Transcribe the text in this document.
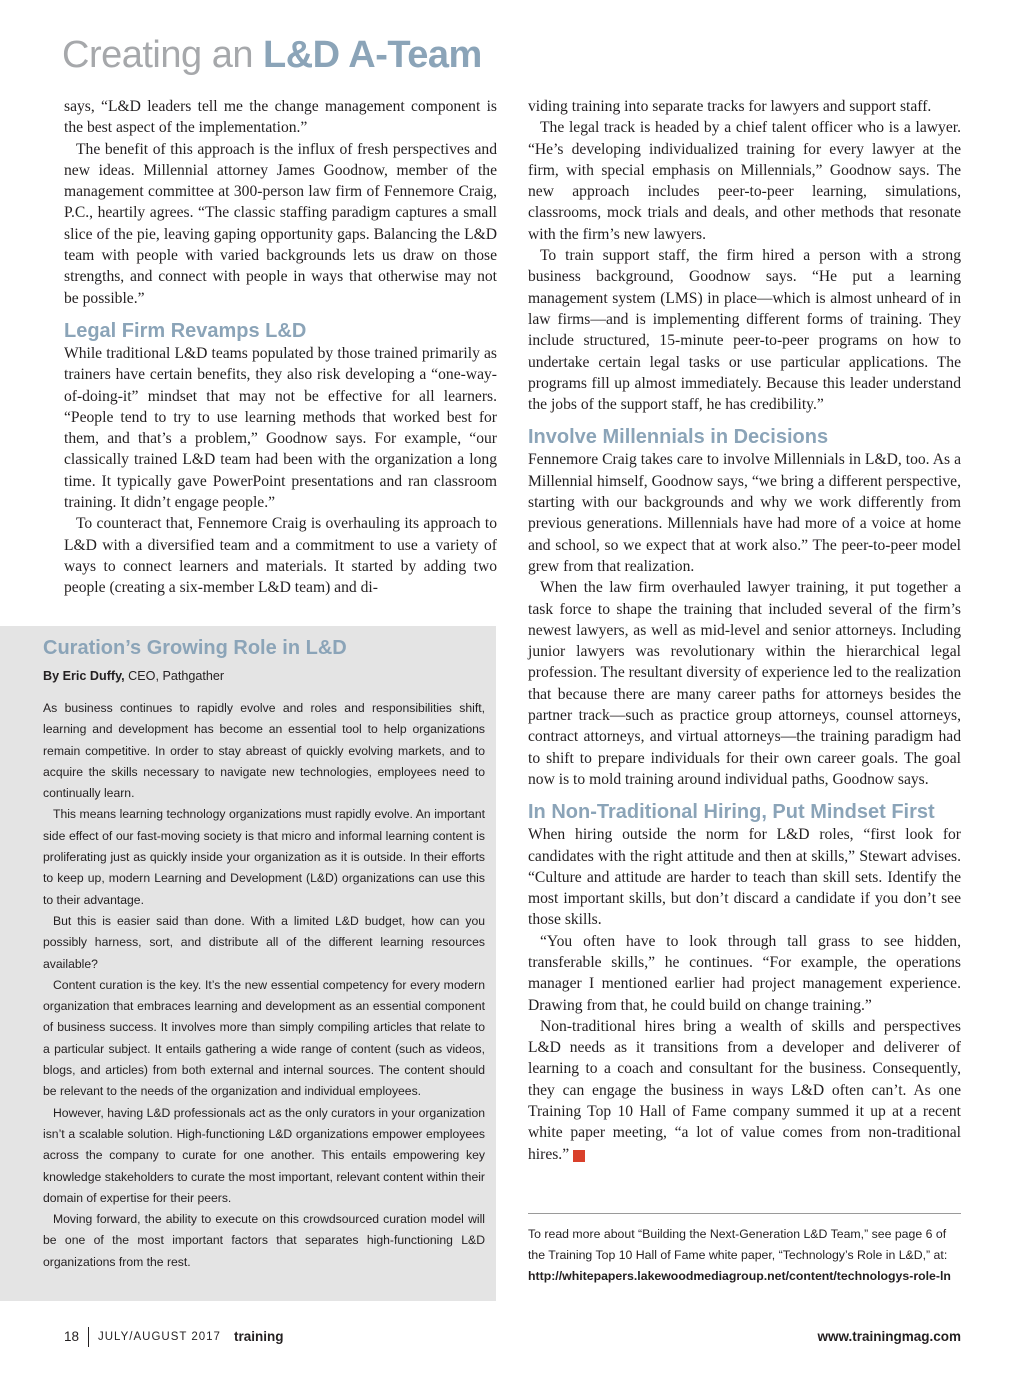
Creating an L&D A-Team

says, “L&D leaders tell me the change management component is the best aspect of the implementation.”

The benefit of this approach is the influx of fresh perspectives and new ideas. Millennial attorney James Goodnow, member of the management committee at 300-person law firm of Fennemore Craig, P.C., heartily agrees. “The classic staffing paradigm captures a small slice of the pie, leaving gaping opportunity gaps. Balancing the L&D team with people with varied backgrounds lets us draw on those strengths, and connect with people in ways that otherwise may not be possible.”

Legal Firm Revamps L&D

While traditional L&D teams populated by those trained primarily as trainers have certain benefits, they also risk developing a “one-way-of-doing-it” mindset that may not be effective for all learners. “People tend to try to use learning methods that worked best for them, and that’s a problem,” Goodnow says. For example, “our classically trained L&D team had been with the organization a long time. It typically gave PowerPoint presentations and ran classroom training. It didn’t engage people.”

To counteract that, Fennemore Craig is overhauling its approach to L&D with a diversified team and a commitment to use a variety of ways to connect learners and materials. It started by adding two people (creating a six-member L&D team) and di-

Curation’s Growing Role in L&D

By Eric Duffy, CEO, Pathgather

As business continues to rapidly evolve and roles and responsibilities shift, learning and development has become an essential tool to help organizations remain competitive. In order to stay abreast of quickly evolving markets, and to acquire the skills necessary to navigate new technologies, employees need to continually learn.

This means learning technology organizations must rapidly evolve. An important side effect of our fast-moving society is that micro and informal learning content is proliferating just as quickly inside your organization as it is outside. In their efforts to keep up, modern Learning and Development (L&D) organizations can use this to their advantage.

But this is easier said than done. With a limited L&D budget, how can you possibly harness, sort, and distribute all of the different learning resources available?

Content curation is the key. It’s the new essential competency for every modern organization that embraces learning and development as an essential component of business success. It involves more than simply compiling articles that relate to a particular subject. It entails gathering a wide range of content (such as videos, blogs, and articles) from both external and internal sources. The content should be relevant to the needs of the organization and individual employees.

However, having L&D professionals act as the only curators in your organization isn’t a scalable solution. High-functioning L&D organizations empower employees across the company to curate for one another. This entails empowering key knowledge stakeholders to curate the most important, relevant content within their domain of expertise for their peers.

Moving forward, the ability to execute on this crowdsourced curation model will be one of the most important factors that separates high-functioning L&D organizations from the rest.

viding training into separate tracks for lawyers and support staff.

The legal track is headed by a chief talent officer who is a lawyer. “He’s developing individualized training for every lawyer at the firm, with special emphasis on Millennials,” Goodnow says. The new approach includes peer-to-peer learning, simulations, classrooms, mock trials and deals, and other methods that resonate with the firm’s new lawyers.

To train support staff, the firm hired a person with a strong business background, Goodnow says. “He put a learning management system (LMS) in place—which is almost unheard of in law firms—and is implementing different forms of training. They include structured, 15-minute peer-to-peer programs on how to undertake certain legal tasks or use particular applications. The programs fill up almost immediately. Because this leader understand the jobs of the support staff, he has credibility.”

Involve Millennials in Decisions

Fennemore Craig takes care to involve Millennials in L&D, too. As a Millennial himself, Goodnow says, “we bring a different perspective, starting with our backgrounds and why we work differently from previous generations. Millennials have had more of a voice at home and school, so we expect that at work also.” The peer-to-peer model grew from that realization.

When the law firm overhauled lawyer training, it put together a task force to shape the training that included several of the firm’s newest lawyers, as well as mid-level and senior attorneys. Including junior lawyers was revolutionary within the hierarchical legal profession. The resultant diversity of experience led to the realization that because there are many career paths for attorneys besides the partner track—such as practice group attorneys, counsel attorneys, contract attorneys, and virtual attorneys—the training paradigm had to shift to prepare individuals for their own career goals. The goal now is to mold training around individual paths, Goodnow says.

In Non-Traditional Hiring, Put Mindset First

When hiring outside the norm for L&D roles, “first look for candidates with the right attitude and then at skills,” Stewart advises. “Culture and attitude are harder to teach than skill sets. Identify the most important skills, but don’t discard a candidate if you don’t see those skills.

“You often have to look through tall grass to see hidden, transferable skills,” he continues. “For example, the operations manager I mentioned earlier had project management experience. Drawing from that, he could build on change training.”

Non-traditional hires bring a wealth of skills and perspectives L&D needs as it transitions from a developer and deliverer of learning to a coach and consultant for the business. Consequently, they can engage the business in ways L&D often can’t. As one Training Top 10 Hall of Fame company summed it up at a recent white paper meeting, “a lot of value comes from non-traditional hires.” t

To read more about “Building the Next-Generation L&D Team,” see page 6 of the Training Top 10 Hall of Fame white paper, “Technology’s Role in L&D,” at: http://whitepapers.lakewoodmediagroup.net/content/technologys-role-ln

18 JULY/AUGUST 2017 training	www.trainingmag.com
